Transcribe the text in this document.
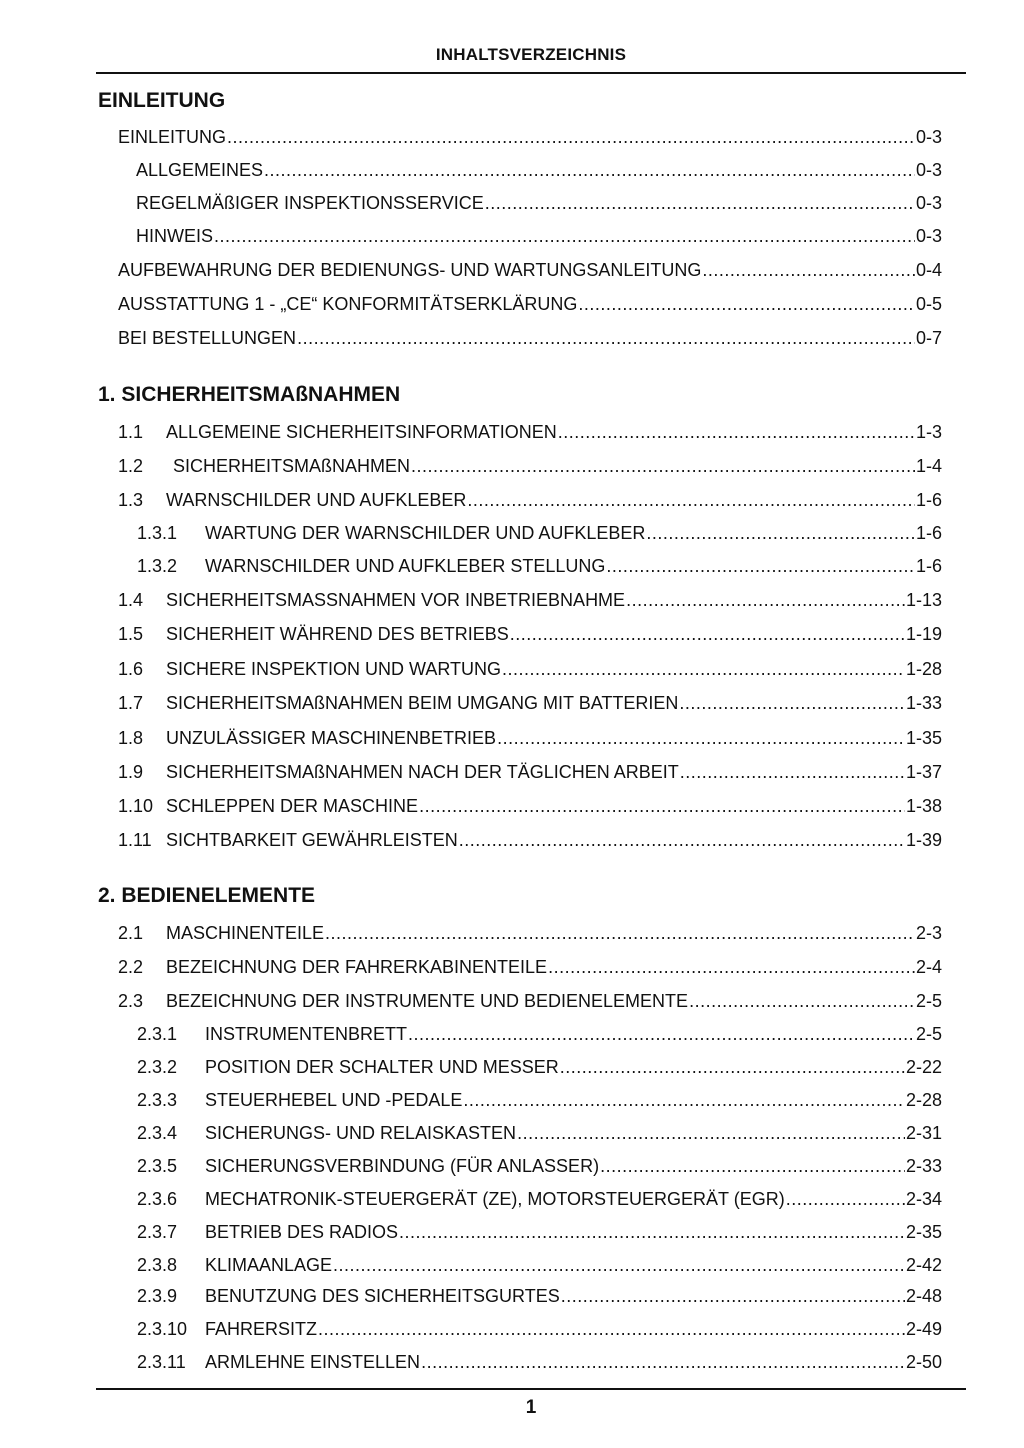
INHALTSVERZEICHNIS
EINLEITUNG
1. SICHERHEITSMAßNAHMEN
2. BEDIENELEMENTE
EINLEITUNG .....	0-3
ALLGEMEINES .....	0-3
REGELMÄßIGER INSPEKTIONSSERVICE .....	0-3
HINWEIS .....	0-3
AUFBEWAHRUNG DER BEDIENUNGS- UND WARTUNGSANLEITUNG .....	0-4
AUSSTATTUNG 1 - „CE“ KONFORMITÄTSERKLÄRUNG .....	0-5
BEI BESTELLUNGEN .....	0-7
1.1	ALLGEMEINE SICHERHEITSINFORMATIONEN .....	1-3
1.2	SICHERHEITSMAßNAHMEN .....	1-4
1.3	WARNSCHILDER UND AUFKLEBER .....	1-6
1.3.1	WARTUNG DER WARNSCHILDER UND AUFKLEBER .....	1-6
1.3.2	WARNSCHILDER UND AUFKLEBER STELLUNG .....	1-6
1.4	SICHERHEITSMASSNAHMEN VOR INBETRIEBNAHME .....	1-13
1.5	SICHERHEIT WÄHREND DES BETRIEBS .....	1-19
1.6	SICHERE INSPEKTION UND WARTUNG .....	1-28
1.7	SICHERHEITSMAßNAHMEN BEIM UMGANG MIT BATTERIEN .....	1-33
1.8	UNZULÄSSIGER MASCHINENBETRIEB .....	1-35
1.9	SICHERHEITSMAßNAHMEN NACH DER TÄGLICHEN ARBEIT .....	1-37
1.10 SCHLEPPEN DER MASCHINE .....	1-38
1.11 SICHTBARKEIT GEWÄHRLEISTEN .....	1-39
2.1	MASCHINENTEILE .....	2-3
2.2	BEZEICHNUNG DER FAHRERKABINENTEILE .....	2-4
2.3	BEZEICHNUNG DER INSTRUMENTE UND BEDIENELEMENTE .....	2-5
2.3.1	INSTRUMENTENBRETT .....	2-5
2.3.2	POSITION DER SCHALTER UND MESSER .....	2-22
2.3.3	STEUERHEBEL UND -PEDALE .....	2-28
2.3.4	SICHERUNGS- UND RELAISKASTEN .....	2-31
2.3.5	SICHERUNGSVERBINDUNG (FÜR ANLASSER) .....	2-33
2.3.6	MECHATRONIK-STEUERGERÄT (ZE), MOTORSTEUERGERÄT (EGR) .....	2-34
2.3.7	BETRIEB DES RADIOS .....	2-35
2.3.8	KLIMAANLAGE .....	2-42
2.3.9	BENUTZUNG DES SICHERHEITSGURTES .....	2-48
2.3.10 FAHRERSITZ .....	2-49
2.3.11	ARMLEHNE EINSTELLEN .....	2-50
1
